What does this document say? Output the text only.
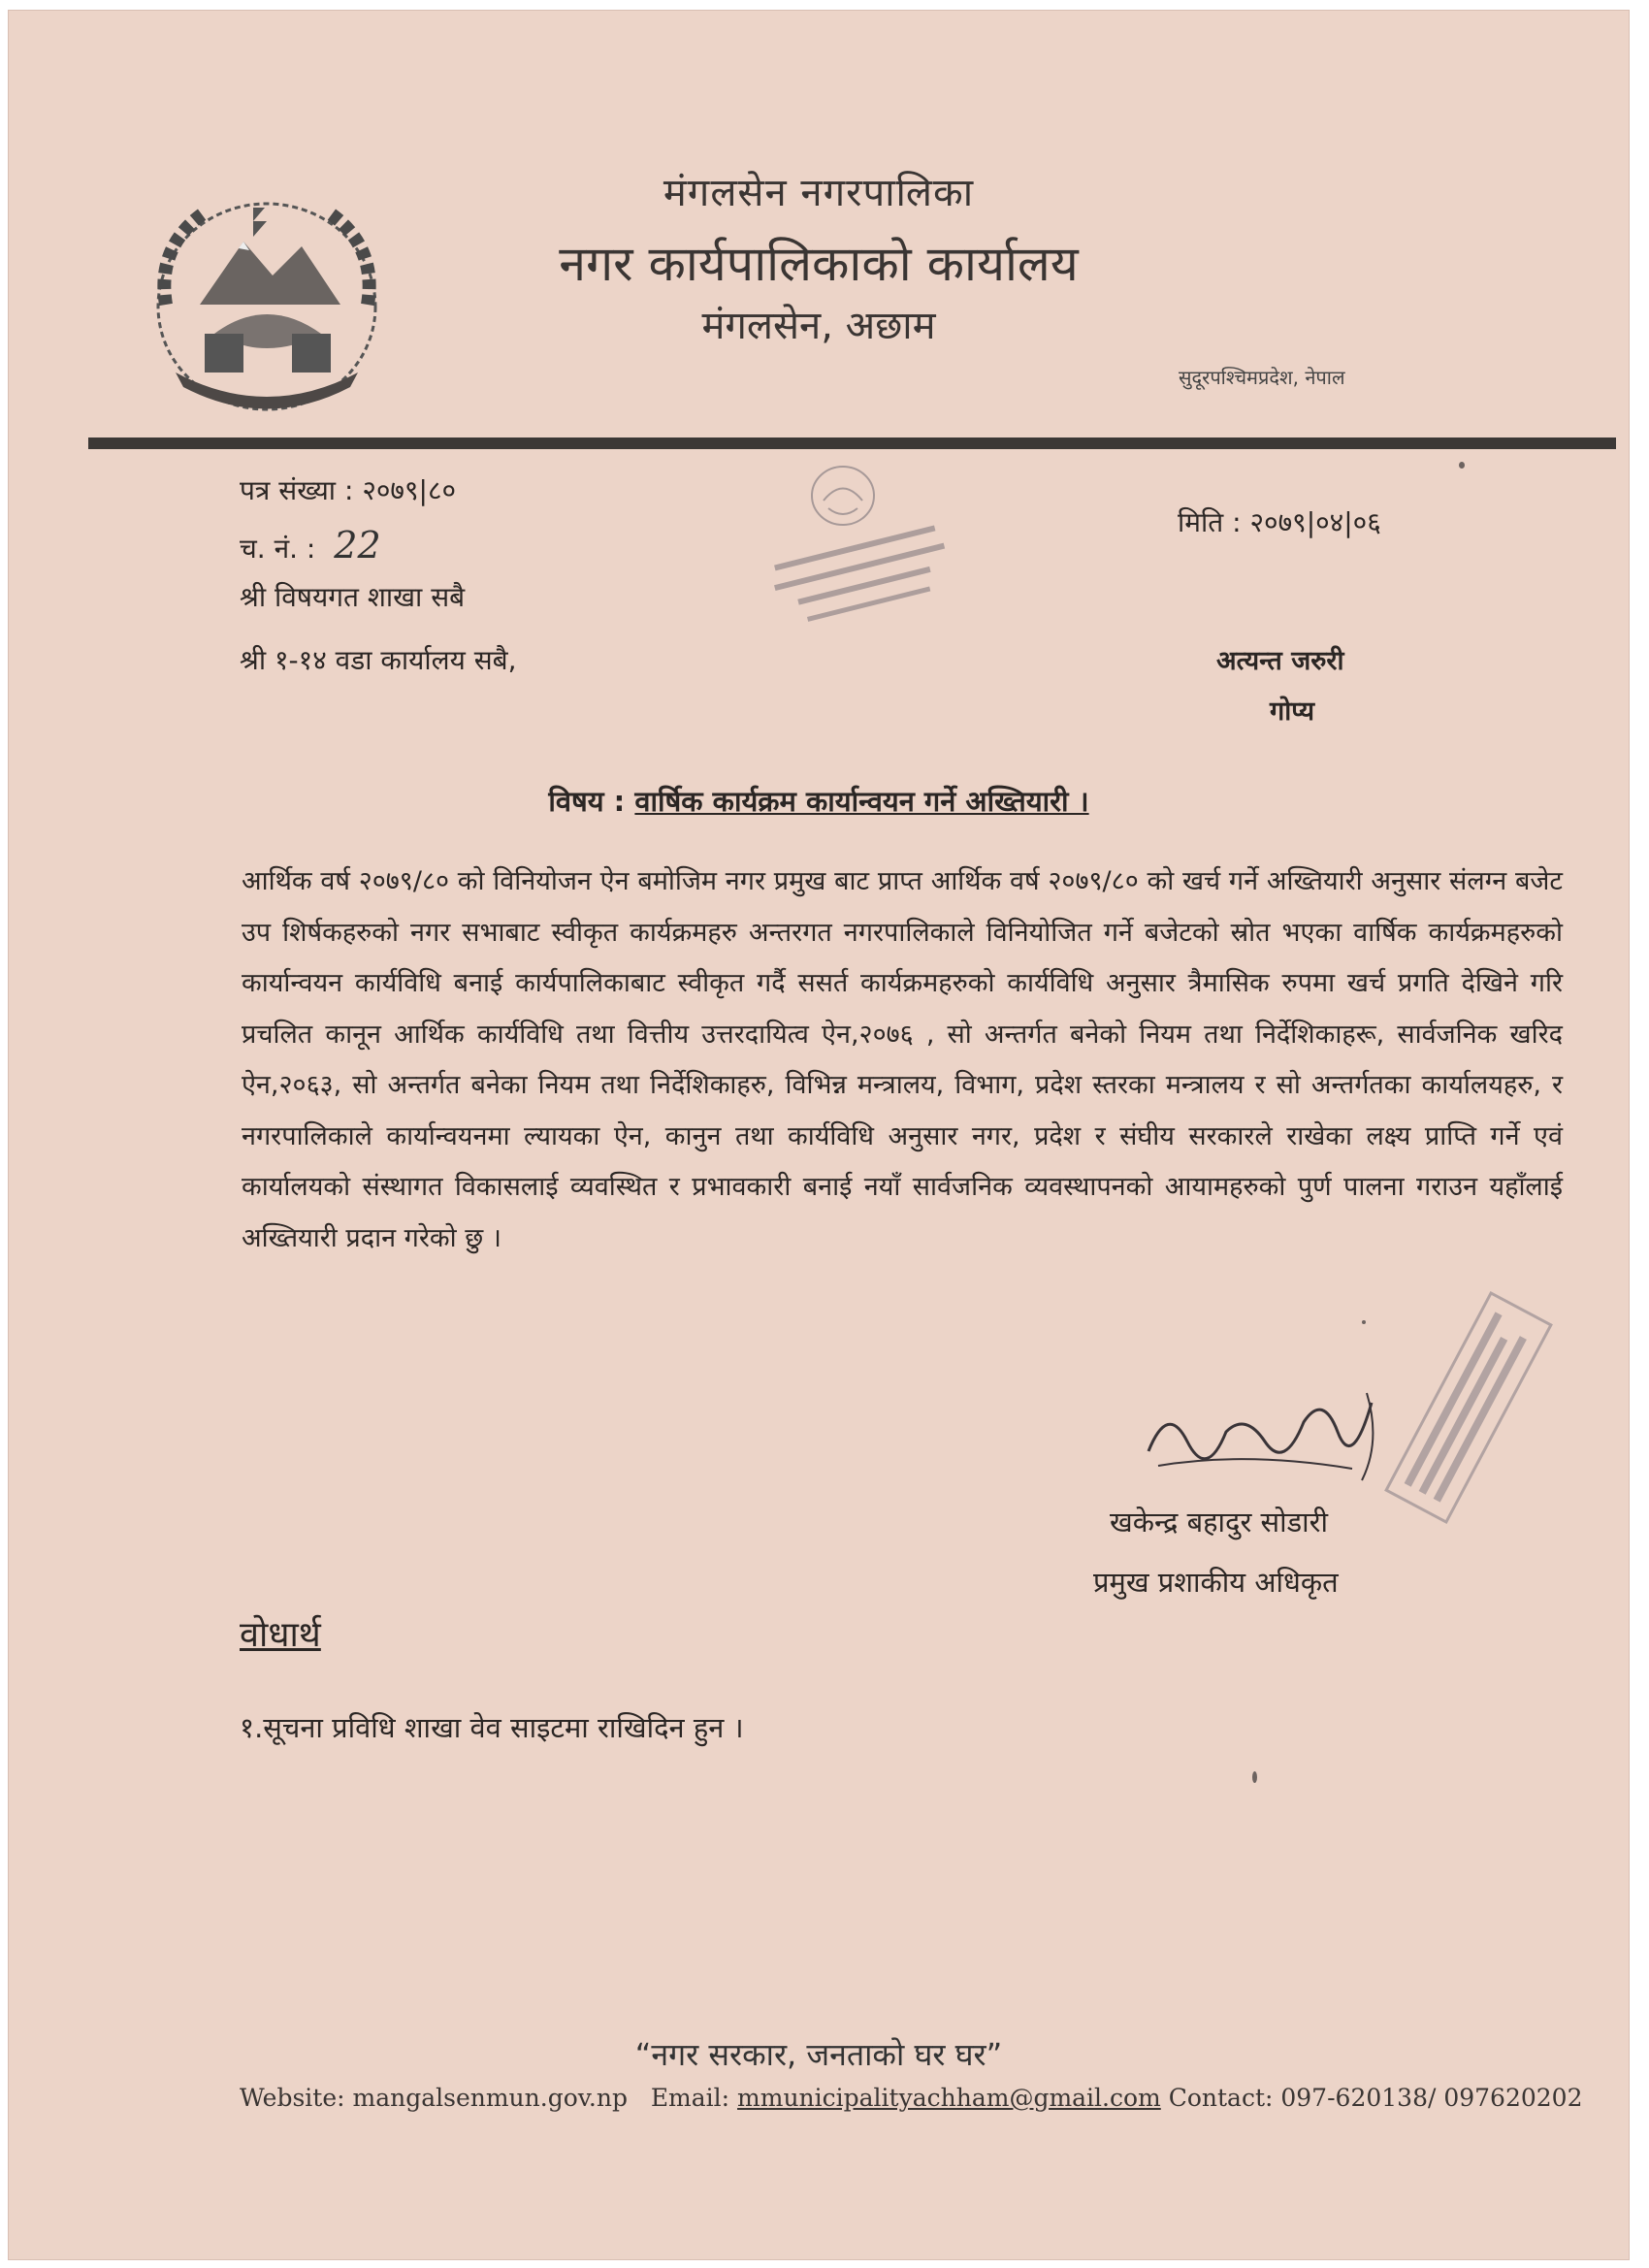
मंगलसेन नगरपालिका
नगर कार्यपालिकाको कार्यालय
मंगलसेन, अछाम
सुदूरपश्चिमप्रदेश, नेपाल
पत्र संख्या : २०७९|८०
च. नं. : 22
मिति : २०७९|०४|०६
श्री विषयगत शाखा सबै
श्री १-१४ वडा कार्यालय सबै,	अत्यन्त जरुरी
गोप्य
विषय : वार्षिक कार्यक्रम कार्यान्वयन गर्ने अख्तियारी ।
आर्थिक वर्ष २०७९/८० को विनियोजन ऐन बमोजिम नगर प्रमुख बाट प्राप्त आर्थिक वर्ष २०७९/८० को खर्च गर्ने अख्तियारी अनुसार संलग्न बजेट उप शिर्षकहरुको नगर सभाबाट स्वीकृत कार्यक्रमहरु अन्तरगत नगरपालिकाले विनियोजित गर्ने बजेटको स्रोत भएका वार्षिक कार्यक्रमहरुको कार्यान्वयन कार्यविधि बनाई कार्यपालिकाबाट स्वीकृत गर्दै ससर्त कार्यक्रमहरुको कार्यविधि अनुसार त्रैमासिक रुपमा खर्च प्रगति देखिने गरि प्रचलित कानून आर्थिक कार्यविधि तथा वित्तीय उत्तरदायित्व ऐन,२०७६ , सो अन्तर्गत बनेको नियम तथा निर्देशिकाहरू, सार्वजनिक खरिद ऐन,२०६३, सो अन्तर्गत बनेका नियम तथा निर्देशिकाहरु, विभिन्न मन्त्रालय, विभाग, प्रदेश स्तरका मन्त्रालय र सो अन्तर्गतका कार्यालयहरु, र नगरपालिकाले कार्यान्वयनमा ल्यायका ऐन, कानुन तथा कार्यविधि अनुसार नगर, प्रदेश र संघीय सरकारले राखेका लक्ष्य प्राप्ति गर्ने एवं कार्यालयको संस्थागत विकासलाई व्यवस्थित र प्रभावकारी बनाई नयाँ सार्वजनिक व्यवस्थापनको आयामहरुको पुर्ण पालना गराउन यहाँलाई अख्तियारी प्रदान गरेको छु ।
खकेन्द्र बहादुर सोडारी
प्रमुख प्रशाकीय अधिकृत
वोधार्थ
१.सूचना प्रविधि शाखा वेव साइटमा राखिदिन हुन ।
“नगर सरकार, जनताको घर घर”
Website: mangalsenmun.gov.np Email: mmunicipalityachham@gmail.com Contact: 097-620138/ 097620202
